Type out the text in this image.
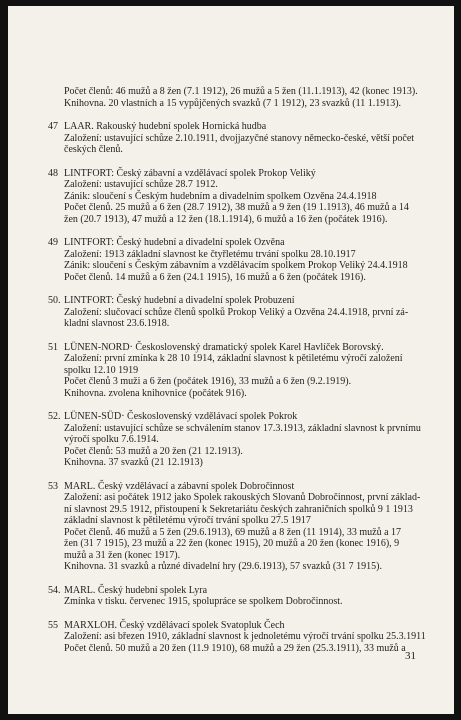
Počet členů: 46 mužů a 8 žen (7.1 1912), 26 mužů a 5 žen (11.1.1913), 42 (konec 1913).
Knihovna. 20 vlastních a 15 vypůjčených svazků (7 1 1912), 23 svazků (11 1.1913).
47 LAAR. Rakouský hudební spolek Hornická hudba
Založení: ustavující schůze 2.10.1911, dvojjazyčné stanovy německo-české, větší počet
českých členů.
48 LINTFORT: Český zábavní a vzdělávací spolek Prokop Veliký
Založení: ustavující schůze 28.7 1912.
Zánik: sloučení s Českým hudebním a divadelním spolkem Ozvěna 24.4.1918
Počet členů. 25 mužů a 6 žen (28.7 1912), 38 mužů a 9 žen (19 1.1913), 46 mužů a 14
žen (20.7 1913), 47 mužů a 12 žen (18.1.1914), 6 mužů a 16 žen (počátek 1916).
49 LINTFORT: Český hudební a divadelní spolek Ozvěna
Založení: 1913 základní slavnost ke čtyřletému trvání spolku 28.10.1917
Zánik: sloučení s Českým zábavním a vzdělávacím spolkem Prokop Veliký 24.4.1918
Počet členů. 14 mužů a 6 žen (24.1 1915), 16 mužů a 6 žen (počátek 1916).
50. LINTFORT: Český hudební a divadelní spolek Probuzení
Založení: slučovací schůze členů spolků Prokop Veliký a Ozvěna 24.4.1918, první zá-
kladní slavnost 23.6.1918.
51 LÜNEN-NORD· Československý dramatický spolek Karel Havlíček Borovský.
Založení: první zmínka k 28 10 1914, základní slavnost k pětiletému výročí založení
spolku 12.10 1919
Počet členů 3 muži a 6 žen (počátek 1916), 33 mužů a 6 žen (9.2.1919).
Knihovna. zvolena knihovnice (počátek 916).
52. LÜNEN-SÜD· Československý vzdělávací spolek Pokrok
Založení: ustavující schůze se schválením stanov 17.3.1913, základní slavnost k prvnímu
výročí spolku 7.6.1914.
Počet členů: 53 mužů a 20 žen (21 12.1913).
Knihovna. 37 svazků (21 12.1913)
53 MARL. Český vzdělávací a zábavní spolek Dobročinnost
Založení: asi počátek 1912 jako Spolek rakouských Slovanů Dobročinnost, první základ-
ní slavnost 29.5 1912, přistoupení k Sekretariátu českých zahraničních spolků 9 1 1913
základní slavnost k pětiletému výročí trvání spolku 27.5 1917
Počet členů. 46 mužů a 5 žen (29.6.1913), 69 mužů a 8 žen (11 1914), 33 mužů a 17
žen (31 7 1915), 23 mužů a 22 žen (konec 1915), 20 mužů a 20 žen (konec 1916), 9
mužů a 31 žen (konec 1917).
Knihovna. 31 svazků a různé divadelní hry (29.6.1913), 57 svazků (31 7 1915).
54. MARL. Český hudební spolek Lyra
Zmínka v tisku. červenec 1915, spolupráce se spolkem Dobročinnost.
55 MARXLOH. Český vzdělávací spolek Svatopluk Čech
Založení: asi březen 1910, základní slavnost k jednoletému výročí trvání spolku 25.3.1911
Počet členů. 50 mužů a 20 žen (11.9 1910), 68 mužů a 29 žen (25.3.1911), 33 mužů a
31
